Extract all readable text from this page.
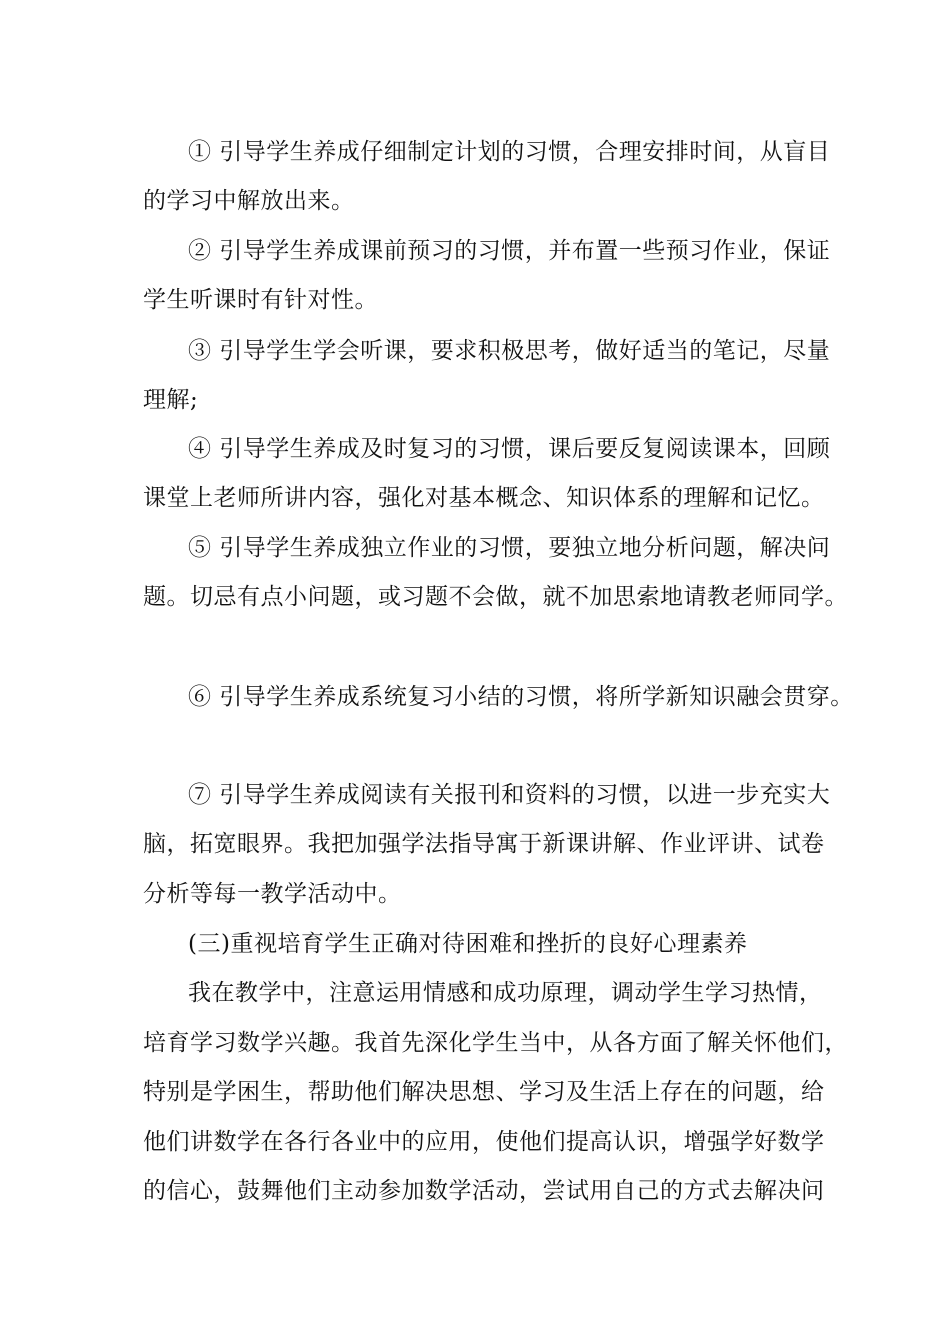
① 引导学生养成仔细制定计划的习惯，合理安排时间，从盲目
的学习中解放出来。
② 引导学生养成课前预习的习惯，并布置一些预习作业，保证
学生听课时有针对性。
③ 引导学生学会听课，要求积极思考，做好适当的笔记，尽量
理解;
④ 引导学生养成及时复习的习惯，课后要反复阅读课本，回顾
课堂上老师所讲内容，强化对基本概念、知识体系的理解和记忆。
⑤ 引导学生养成独立作业的习惯，要独立地分析问题，解决问
题。切忌有点小问题，或习题不会做，就不加思索地请教老师同学。
⑥ 引导学生养成系统复习小结的习惯，将所学新知识融会贯穿。
⑦ 引导学生养成阅读有关报刊和资料的习惯，以进一步充实大
脑，拓宽眼界。我把加强学法指导寓于新课讲解、作业评讲、试卷
分析等每一教学活动中。
(三)重视培育学生正确对待困难和挫折的良好心理素养
我在教学中，注意运用情感和成功原理，调动学生学习热情，
培育学习数学兴趣。我首先深化学生当中，从各方面了解关怀他们，
特别是学困生，帮助他们解决思想、学习及生活上存在的问题，给
他们讲数学在各行各业中的应用，使他们提高认识，增强学好数学
的信心，鼓舞他们主动参加数学活动，尝试用自己的方式去解决问
